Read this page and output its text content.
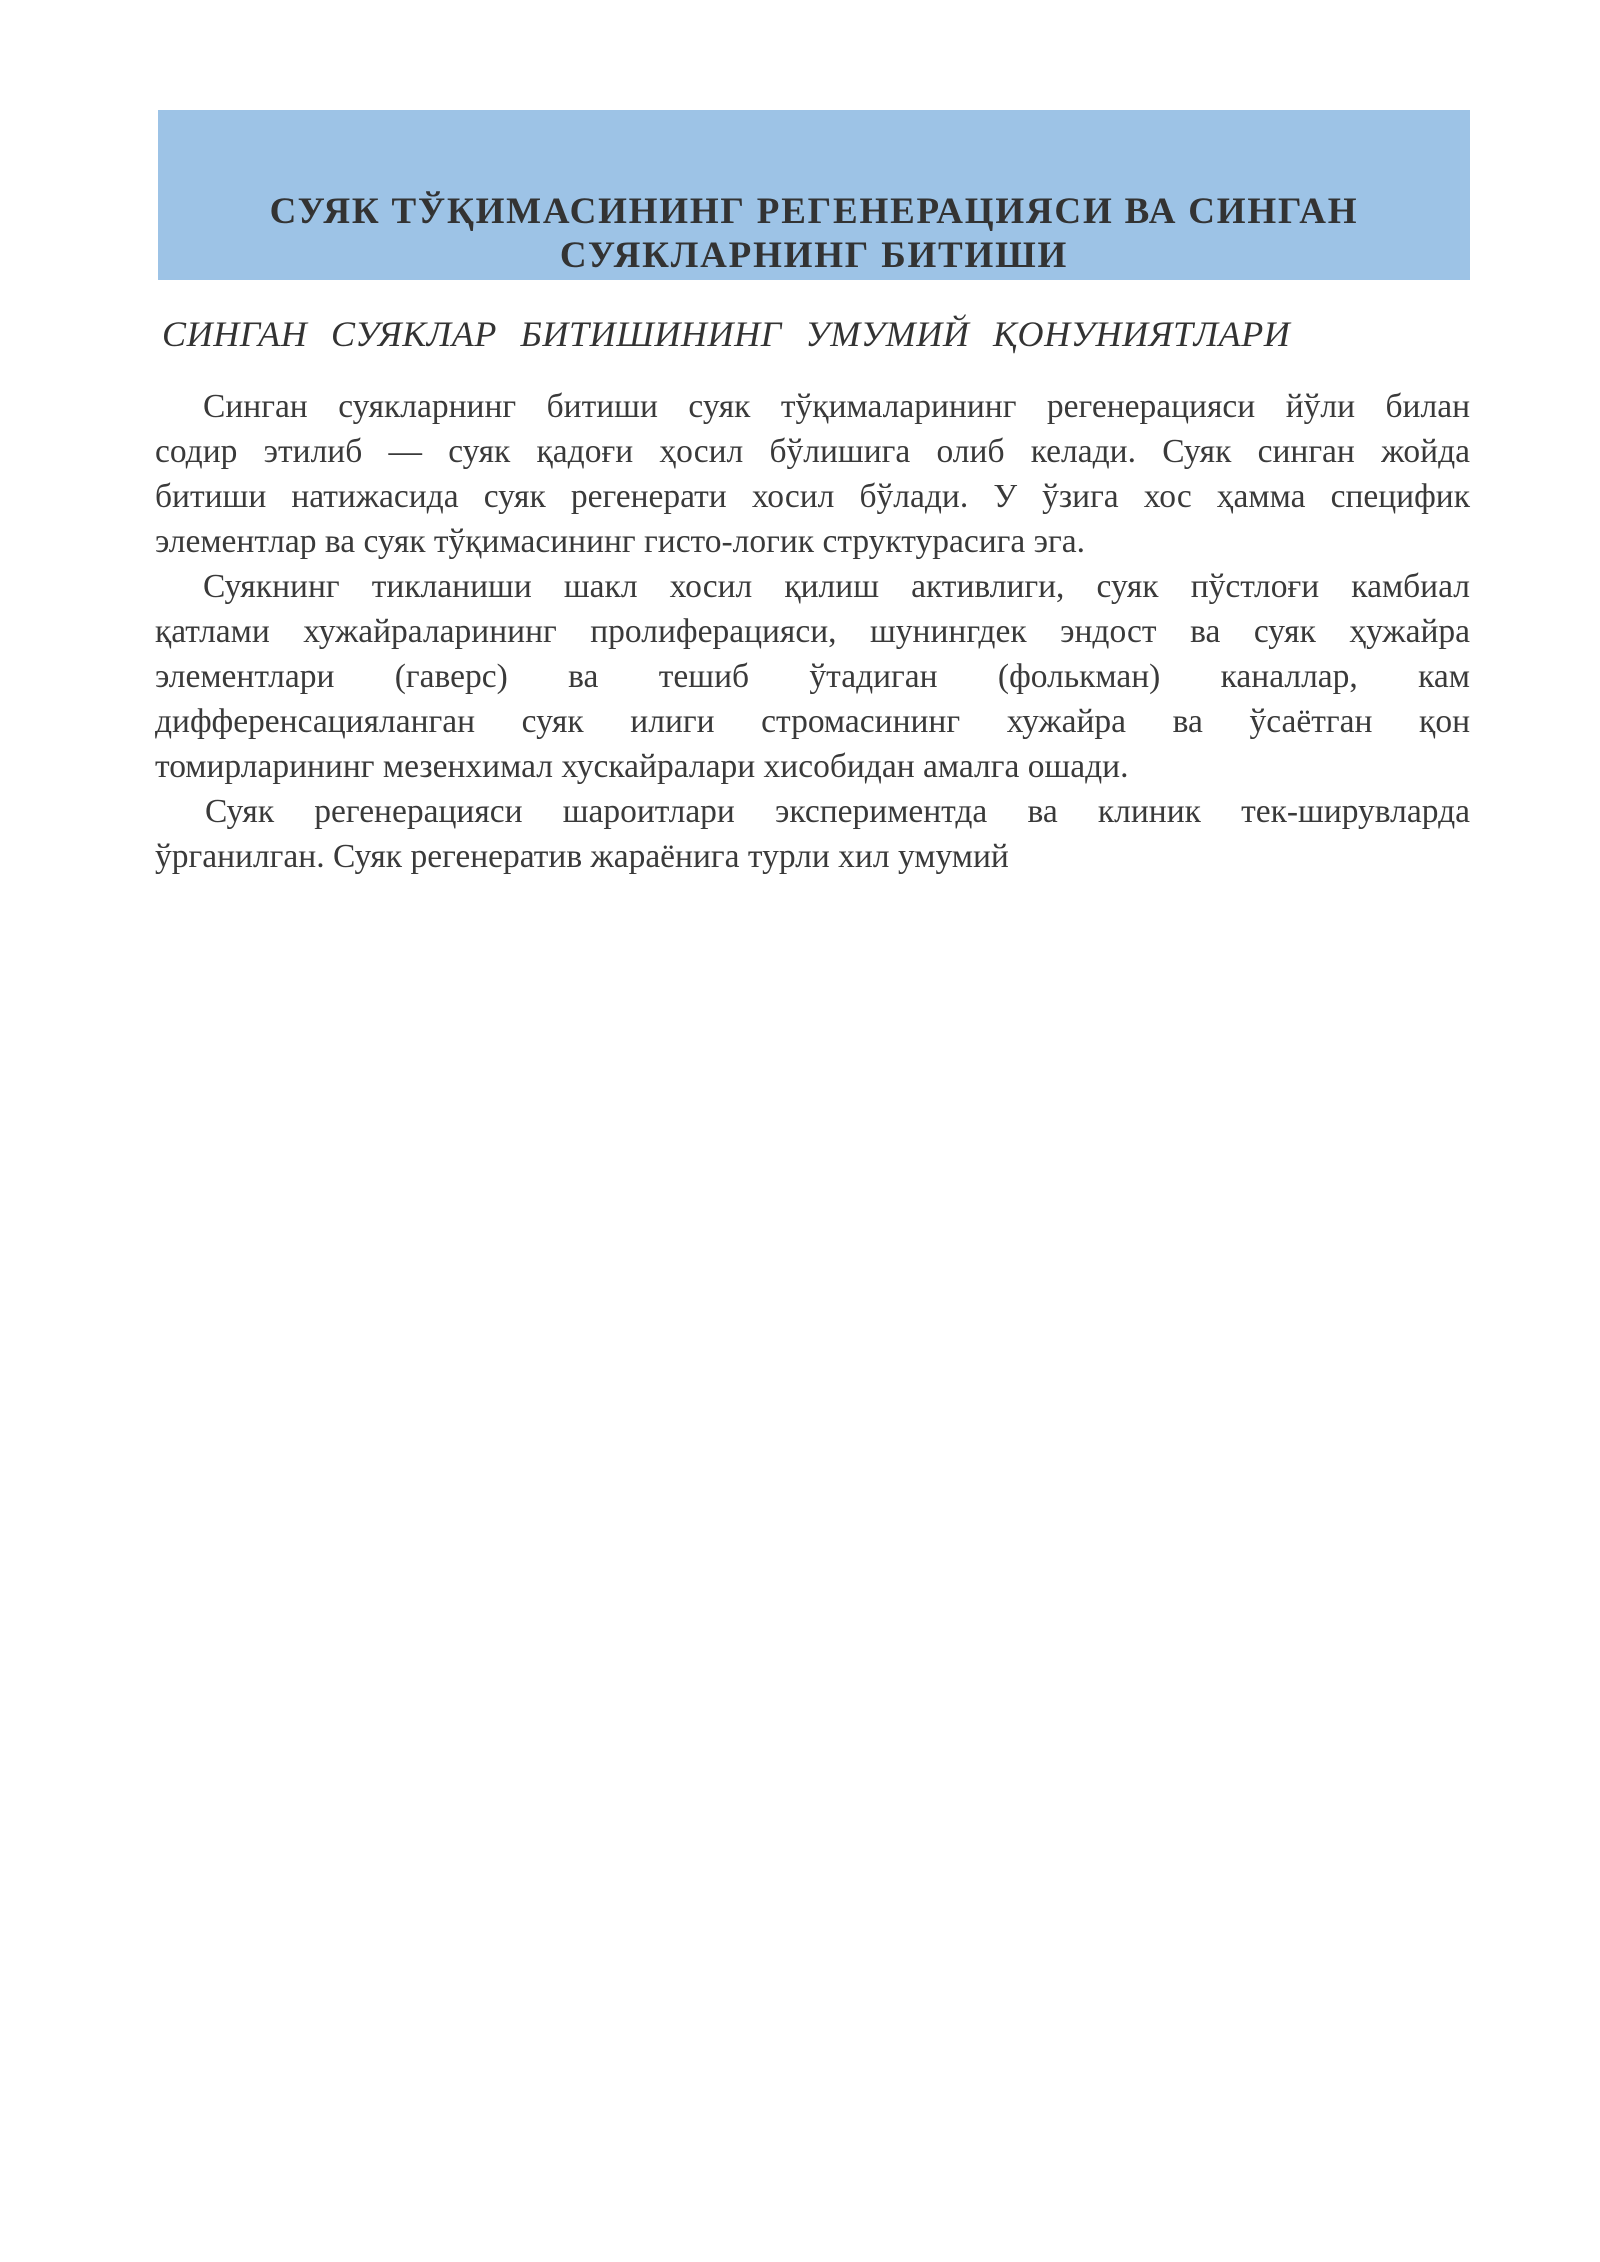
СУЯК ТЎҚИМАСИНИНГ РЕГЕНЕРАЦИЯСИ ВА СИНГАН
СУЯКЛАРНИНГ БИТИШИ
СИНГАН СУЯКЛАР БИТИШИНИНГ УМУМИЙ ҚОНУНИЯТЛАРИ
Синган суякларнинг битиши суяк тўқималарининг регенерацияси йўли билан
содир этилиб — суяк қадоғи ҳосил бўлишига олиб келади. Суяк синган жойда
битиши натижасида суяк регенерати хосил бўлади. У ўзига хос ҳамма специфик
элементлар ва суяк тўқимасининг гисто-логик структурасига эга.
Суякнинг тикланиши шакл хосил қилиш активлиги, суяк пўстлоғи камбиал
қатлами хужайраларининг пролиферацияси, шунингдек эндост ва суяк ҳужайра
элементлари (гаверс) ва тешиб ўтадиган (фолькман) каналлар, кам
дифференсацияланган суяк илиги стромасининг хужайра ва ўсаётган қон
томирларининг мезенхимал хускайралари хисобидан амалга ошади.
Суяк регенерацияси шароитлари экспериментда ва клиник тек-ширувларда
ўрганилган. Суяк регенератив жараёнига турли хил умумий
